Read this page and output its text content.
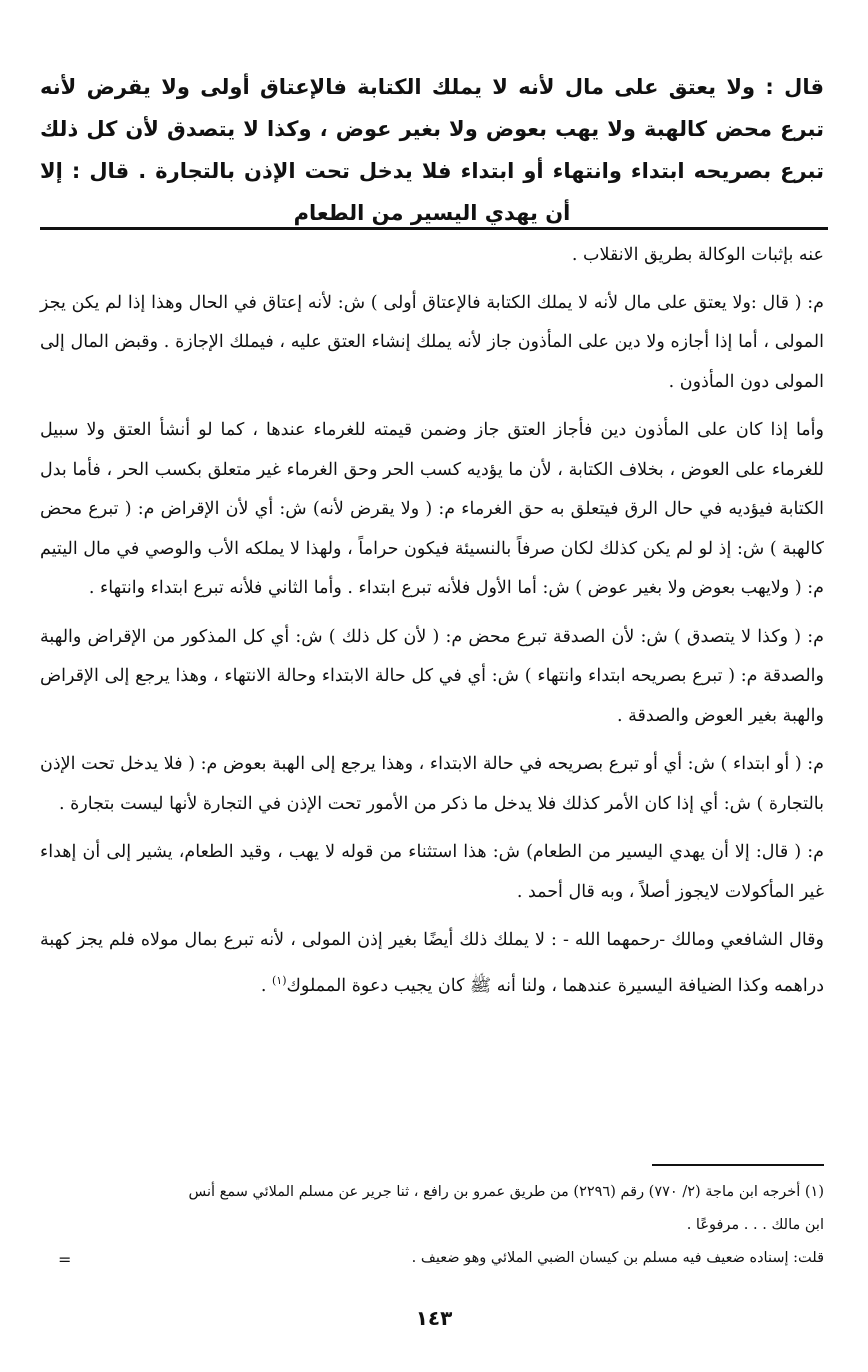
قال : ولا يعتق على مال لأنه لا يملك الكتابة فالإعتاق أولى ولا يقرض لأنه تبرع محض كالهبة ولا يهب بعوض ولا بغير عوض ، وكذا لا يتصدق لأن كل ذلك تبرع بصريحه ابتداء وانتهاء أو ابتداء فلا يدخل تحت الإذن بالتجارة . قال : إلا أن يهدي اليسير من الطعام

عنه بإثبات الوكالة بطريق الانقلاب .

م: ( قال :ولا يعتق على مال لأنه لا يملك الكتابة فالإعتاق أولى ) ش: لأنه إعتاق في الحال وهذا إذا لم يكن يجز المولى ، أما إذا أجازه ولا دين على المأذون جاز لأنه يملك إنشاء العتق عليه ، فيملك الإجازة . وقبض المال إلى المولى دون المأذون .

وأما إذا كان على المأذون دين فأجاز العتق جاز وضمن قيمته للغرماء عندها ، كما لو أنشأ العتق ولا سبيل للغرماء على العوض ، بخلاف الكتابة ، لأن ما يؤديه كسب الحر وحق الغرماء غير متعلق بكسب الحر ، فأما بدل الكتابة فيؤديه في حال الرق فيتعلق به حق الغرماء م: ( ولا يقرض لأنه) ش: أي لأن الإقراض م: ( تبرع محض كالهبة ) ش: إذ لو لم يكن كذلك لكان صرفاً بالنسيئة فيكون حراماً ، ولهذا لا يملكه الأب والوصي في مال اليتيم م: ( ولايهب بعوض ولا بغير عوض ) ش: أما الأول فلأنه تبرع ابتداء . وأما الثاني فلأنه تبرع ابتداء وانتهاء .

م: ( وكذا لا يتصدق ) ش: لأن الصدقة تبرع محض م: ( لأن كل ذلك ) ش: أي كل المذكور من الإقراض والهبة والصدقة م: ( تبرع بصريحه ابتداء وانتهاء ) ش: أي في كل حالة الابتداء وحالة الانتهاء ، وهذا يرجع إلى الإقراض والهبة بغير العوض والصدقة .

م: ( أو ابتداء ) ش: أي أو تبرع بصريحه في حالة الابتداء ، وهذا يرجع إلى الهبة بعوض م: ( فلا يدخل تحت الإذن بالتجارة ) ش: أي إذا كان الأمر كذلك فلا يدخل ما ذكر من الأمور تحت الإذن في التجارة لأنها ليست بتجارة .

م: ( قال: إلا أن يهدي اليسير من الطعام) ش: هذا استثناء من قوله لا يهب ، وقيد الطعام، يشير إلى أن إهداء غير المأكولات لايجوز أصلاً ، وبه قال أحمد .

وقال الشافعي ومالك -رحمهما الله - : لا يملك ذلك أيضًا بغير إذن المولى ، لأنه تبرع بمال مولاه فلم يجز كهبة دراهمه وكذا الضيافة اليسيرة عندهما ، ولنا أنه ﷺ كان يجيب دعوة المملوك$^{(١)}$ .

(١) أخرجه ابن ماجة (٢/ ٧٧٠) رقم (٢٢٩٦) من طريق عمرو بن رافع ، ثنا جرير عن مسلم الملائي سمع أنس

ابن مالك . . . مرفوعًا .

قلت: إسناده ضعيف فيه مسلم بن كيسان الضبي الملائي وهو ضعيف .

=
١٤٣
